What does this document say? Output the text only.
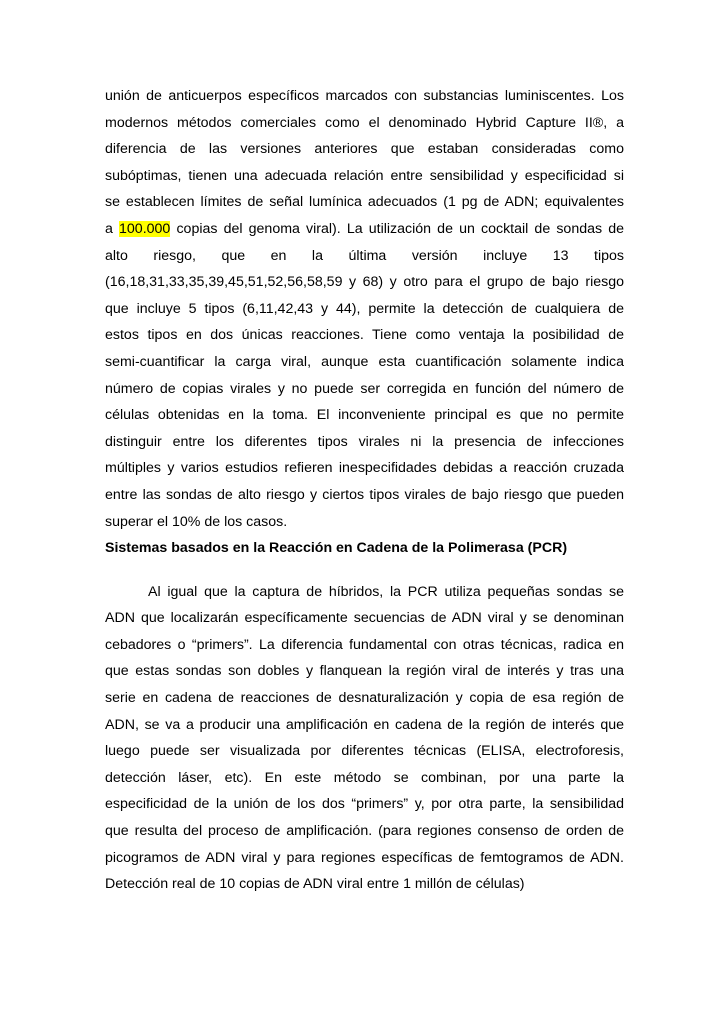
unión de anticuerpos específicos marcados con substancias luminiscentes. Los
modernos métodos comerciales como el denominado Hybrid Capture II®, a
diferencia de las versiones anteriores que estaban consideradas como
subóptimas, tienen una adecuada relación entre sensibilidad y especificidad si
se establecen límites de señal lumínica adecuados (1 pg de ADN; equivalentes
a 100.000 copias del genoma viral). La utilización de un cocktail de sondas de
alto riesgo, que en la última versión incluye 13 tipos
(16,18,31,33,35,39,45,51,52,56,58,59 y 68) y otro para el grupo de bajo riesgo
que incluye 5 tipos (6,11,42,43 y 44), permite la detección de cualquiera de
estos tipos en dos únicas reacciones. Tiene como ventaja la posibilidad de
semi-cuantificar la carga viral, aunque esta cuantificación solamente indica
número de copias virales y no puede ser corregida en función del número de
células obtenidas en la toma. El inconveniente principal es que no permite
distinguir entre los diferentes tipos virales ni la presencia de infecciones
múltiples y varios estudios refieren inespecifidades debidas a reacción cruzada
entre las sondas de alto riesgo y ciertos tipos virales de bajo riesgo que pueden
superar el 10% de los casos.
Sistemas basados en la Reacción en Cadena de la Polimerasa (PCR)
Al igual que la captura de híbridos, la PCR utiliza pequeñas sondas se
ADN que localizarán específicamente secuencias de ADN viral y se denominan
cebadores o “primers”. La diferencia fundamental con otras técnicas, radica en
que estas sondas son dobles y flanquean la región viral de interés y tras una
serie en cadena de reacciones de desnaturalización y copia de esa región de
ADN, se va a producir una amplificación en cadena de la región de interés que
luego puede ser visualizada por diferentes técnicas (ELISA, electroforesis,
detección láser, etc). En este método se combinan, por una parte la
especificidad de la unión de los dos “primers” y, por otra parte, la sensibilidad
que resulta del proceso de amplificación. (para regiones consenso de orden de
picogramos de ADN viral y para regiones específicas de femtogramos de ADN.
Detección real de 10 copias de ADN viral entre 1 millón de células)
